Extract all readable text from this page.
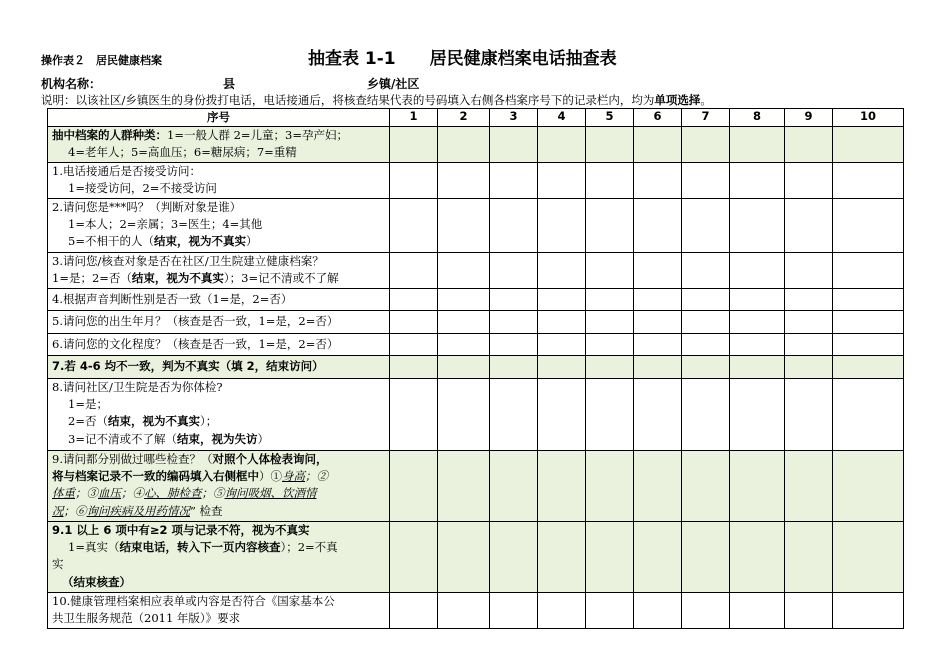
操作表２　居民健康档案	抽查表 1-1　　居民健康档案电话抽查表
机构名称：	县	乡镇/社区
说明：以该社区/乡镇医生的身份拨打电话，电话接通后，将核查结果代表的号码填入右侧各档案序号下的记录栏内，均为单项选择。
序号	1	2	3	4	5	6	7	8	9	10

抽中档案的人群种类：1=一般人群 2=儿童；3=孕产妇；
4=老年人；5=高血压；6=糖尿病；7=重精										

1.电话接通后是否接受访问：
1=接受访问，2=不接受访问										

2.请问您是***吗？（判断对象是谁）
1=本人；2=亲属；3=医生；4=其他
5=不相干的人（结束，视为不真实）										

3.请问您/核查对象是否在社区/卫生院建立健康档案？
1=是；2=否（结束，视为不真实）；3=记不清或不了解										

4.根据声音判断性别是否一致（1=是，2=否）										

5.请问您的出生年月？（核查是否一致，1=是，2=否）										

6.请问您的文化程度？（核查是否一致，1=是，2=否）										

7.若 4-6 均不一致，判为不真实（填 2，结束访问）										

8.请问社区/卫生院是否为你体检?
1=是；
2=否（结束，视为不真实）；
3=记不清或不了解（结束，视为失访）										

9.请问都分别做过哪些检查？（对照个人体检表询问，
将与档案记录不一致的编码填入右侧框中）①身高；②
体重；③血压；④心、肺检查；⑤询问吸烟、饮酒情
况；⑥询问疾病及用药情况” 检查										

9.1 以上 6 项中有≥2 项与记录不符，视为不真实
1=真实（结束电话，转入下一页内容核查）；2=不真
实
（结束核查）										

10.健康管理档案相应表单或内容是否符合《国家基本公
共卫生服务规范（2011 年版）》要求										
